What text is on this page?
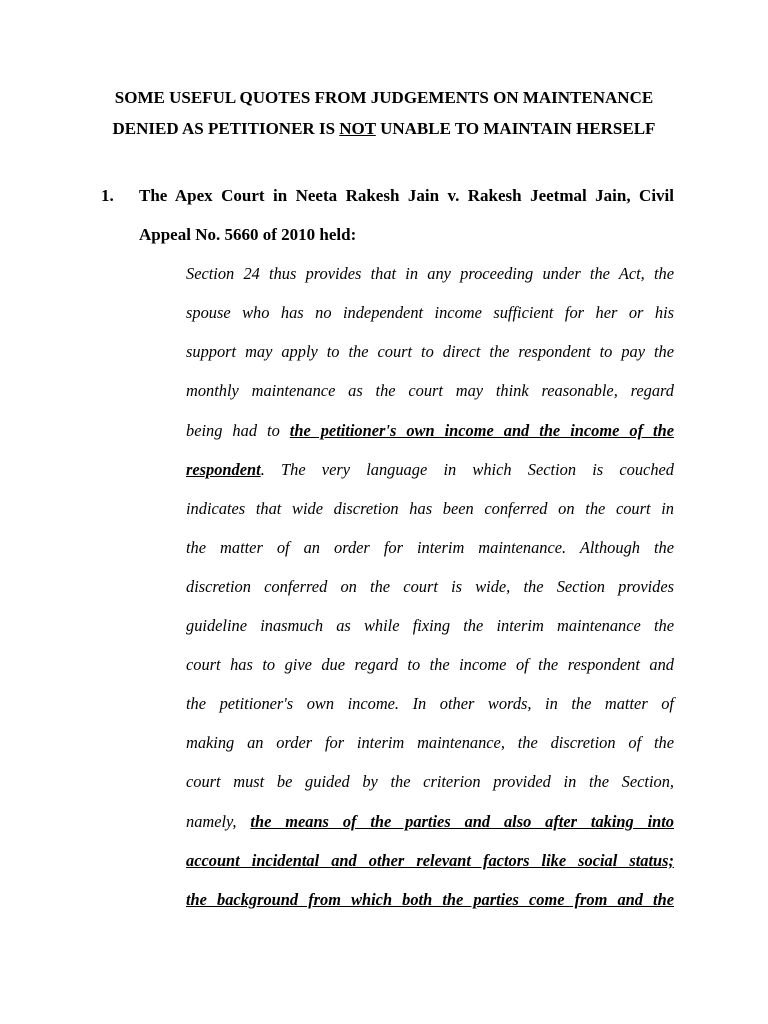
SOME USEFUL QUOTES FROM JUDGEMENTS ON MAINTENANCE
DENIED AS PETITIONER IS NOT UNABLE TO MAINTAIN HERSELF
1. The Apex Court in Neeta Rakesh Jain v. Rakesh Jeetmal Jain, Civil
Appeal No. 5660 of 2010 held:
Section 24 thus provides that in any proceeding under the Act, the
spouse who has no independent income sufficient for her or his
support may apply to the court to direct the respondent to pay the
monthly maintenance as the court may think reasonable, regard
being had to the petitioner's own income and the income of the
respondent. The very language in which Section is couched
indicates that wide discretion has been conferred on the court in
the matter of an order for interim maintenance. Although the
discretion conferred on the court is wide, the Section provides
guideline inasmuch as while fixing the interim maintenance the
court has to give due regard to the income of the respondent and
the petitioner's own income. In other words, in the matter of
making an order for interim maintenance, the discretion of the
court must be guided by the criterion provided in the Section,
namely, the means of the parties and also after taking into
account incidental and other relevant factors like social status;
the background from which both the parties come from and the
